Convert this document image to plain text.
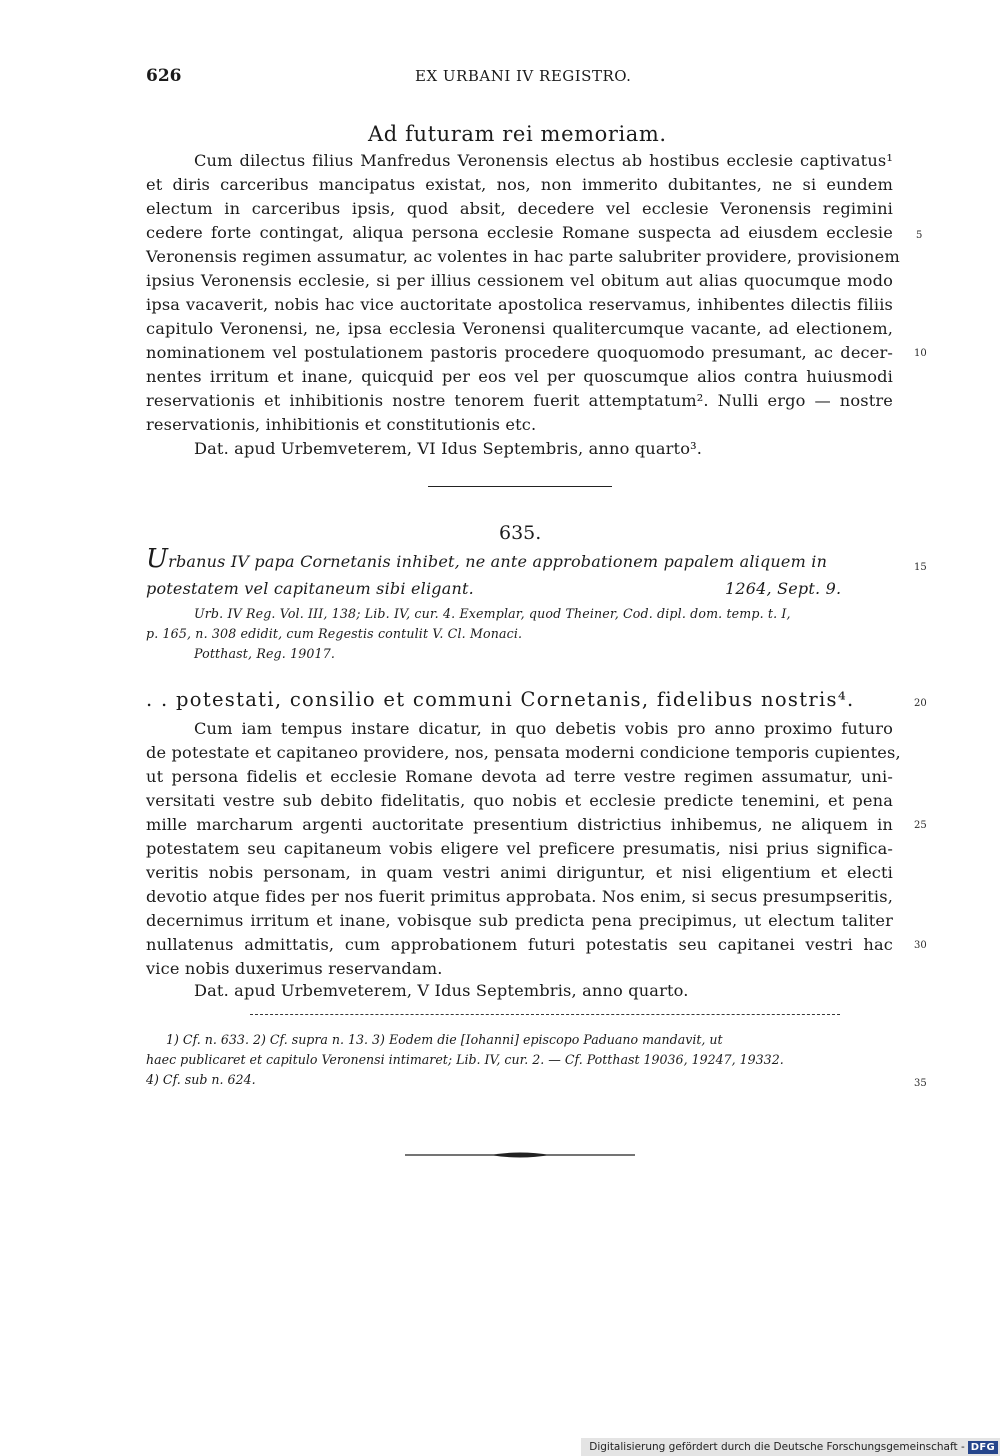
626	EX URBANI IV REGISTRO.
Ad futuram rei memoriam.
Cum dilectus filius Manfredus Veronensis electus ab hostibus ecclesie captivatus¹
et diris carceribus mancipatus existat, nos, non immerito dubitantes, ne si eundem
electum in carceribus ipsis, quod absit, decedere vel ecclesie Veronensis regimini
cedere forte contingat, aliqua persona ecclesie Romane suspecta ad eiusdem ecclesie
Veronensis regimen assumatur, ac volentes in hac parte salubriter providere, provisionem
ipsius Veronensis ecclesie, si per illius cessionem vel obitum aut alias quocumque modo
ipsa vacaverit, nobis hac vice auctoritate apostolica reservamus, inhibentes dilectis filiis
capitulo Veronensi, ne, ipsa ecclesia Veronensi qualitercumque vacante, ad electionem,
nominationem vel postulationem pastoris procedere quoquomodo presumant, ac decer-
nentes irritum et inane, quicquid per eos vel per quoscumque alios contra huiusmodi
reservationis et inhibitionis nostre tenorem fuerit attemptatum². Nulli ergo — nostre
reservationis, inhibitionis et constitutionis etc.
Dat. apud Urbemveterem, VI Idus Septembris, anno quarto³.
635.
Urbanus IV papa Cornetanis inhibet, ne ante approbationem papalem aliquem in
potestatem vel capitaneum sibi eligant.	1264, Sept. 9.
Urb. IV Reg. Vol. III, 138; Lib. IV, cur. 4. Exemplar, quod Theiner, Cod. dipl. dom. temp. t. I,
p. 165, n. 308 edidit, cum Regestis contulit V. Cl. Monaci.
Potthast, Reg. 19017.
. . potestati, consilio et communi Cornetanis, fidelibus nostris⁴.
Cum iam tempus instare dicatur, in quo debetis vobis pro anno proximo futuro
de potestate et capitaneo providere, nos, pensata moderni condicione temporis cupientes,
ut persona fidelis et ecclesie Romane devota ad terre vestre regimen assumatur, uni-
versitati vestre sub debito fidelitatis, quo nobis et ecclesie predicte tenemini, et pena
mille marcharum argenti auctoritate presentium districtius inhibemus, ne aliquem in
potestatem seu capitaneum vobis eligere vel preficere presumatis, nisi prius significa-
veritis nobis personam, in quam vestri animi diriguntur, et nisi eligentium et electi
devotio atque fides per nos fuerit primitus approbata. Nos enim, si secus presumpseritis,
decernimus irritum et inane, vobisque sub predicta pena precipimus, ut electum taliter
nullatenus admittatis, cum approbationem futuri potestatis seu capitanei vestri hac
vice nobis duxerimus reservandam.
Dat. apud Urbemveterem, V Idus Septembris, anno quarto.
1) Cf. n. 633. 2) Cf. supra n. 13. 3) Eodem die [Iohanni] episcopo Paduano mandavit, ut
haec publicaret et capitulo Veronensi intimaret; Lib. IV, cur. 2. — Cf. Potthast 19036, 19247, 19332.
4) Cf. sub n. 624.
5
10
15
20
25
30
35
Digitalisierung gefördert durch die Deutsche Forschungsgemeinschaft - DFG
